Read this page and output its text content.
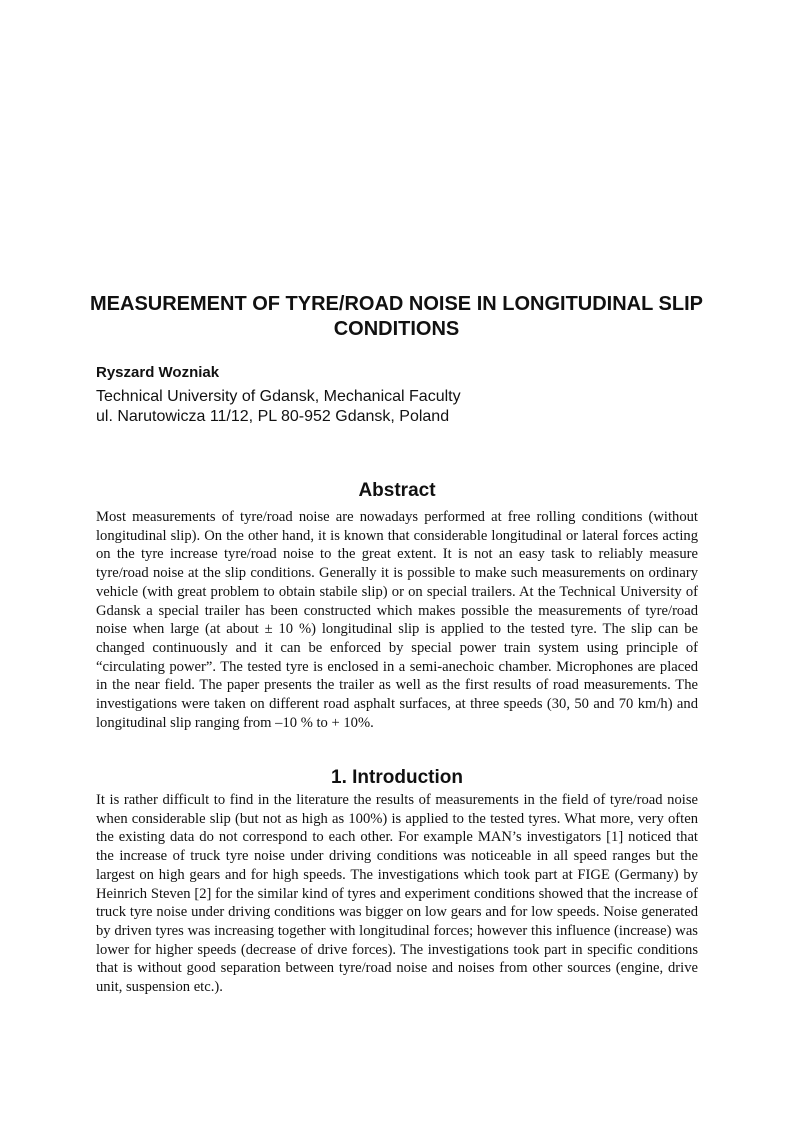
MEASUREMENT OF TYRE/ROAD NOISE IN LONGITUDINAL SLIP CONDITIONS

Ryszard Wozniak

Technical University of Gdansk, Mechanical Faculty

ul. Narutowicza 11/12, PL 80-952 Gdansk, Poland

Abstract

Most measurements of tyre/road noise are nowadays performed at free rolling conditions (without longitudinal slip). On the other hand, it is known that considerable longitudinal or lateral forces acting on the tyre increase tyre/road noise to the great extent. It is not an easy task to reliably measure tyre/road noise at the slip conditions. Generally it is possible to make such measurements on ordinary vehicle (with great problem to obtain stabile slip) or on special trailers. At the Technical University of Gdansk a special trailer has been constructed which makes possible the measurements of tyre/road noise when large (at about ± 10 %) longitudinal slip is applied to the tested tyre. The slip can be changed continuously and it can be enforced by special power train system using principle of “circulating power”. The tested tyre is enclosed in a semi-anechoic chamber. Microphones are placed in the near field. The paper presents the trailer as well as the first results of road measurements. The investigations were taken on different road asphalt surfaces, at three speeds (30, 50 and 70 km/h) and longitudinal slip ranging from –10 % to + 10%.

1. Introduction

It is rather difficult to find in the literature the results of measurements in the field of tyre/road noise when considerable slip (but not as high as 100%) is applied to the tested tyres. What more, very often the existing data do not correspond to each other. For example MAN’s investigators [1] noticed that the increase of truck tyre noise under driving conditions was noticeable in all speed ranges but the largest on high gears and for high speeds. The investigations which took part at FIGE (Germany) by Heinrich Steven [2] for the similar kind of tyres and experiment conditions showed that the increase of truck tyre noise under driving conditions was bigger on low gears and for low speeds. Noise generated by driven tyres was increasing together with longitudinal forces; however this influence (increase) was lower for higher speeds (decrease of drive forces). The investigations took part in specific conditions that is without good separation between tyre/road noise and noises from other sources (engine, drive unit, suspension etc.).
